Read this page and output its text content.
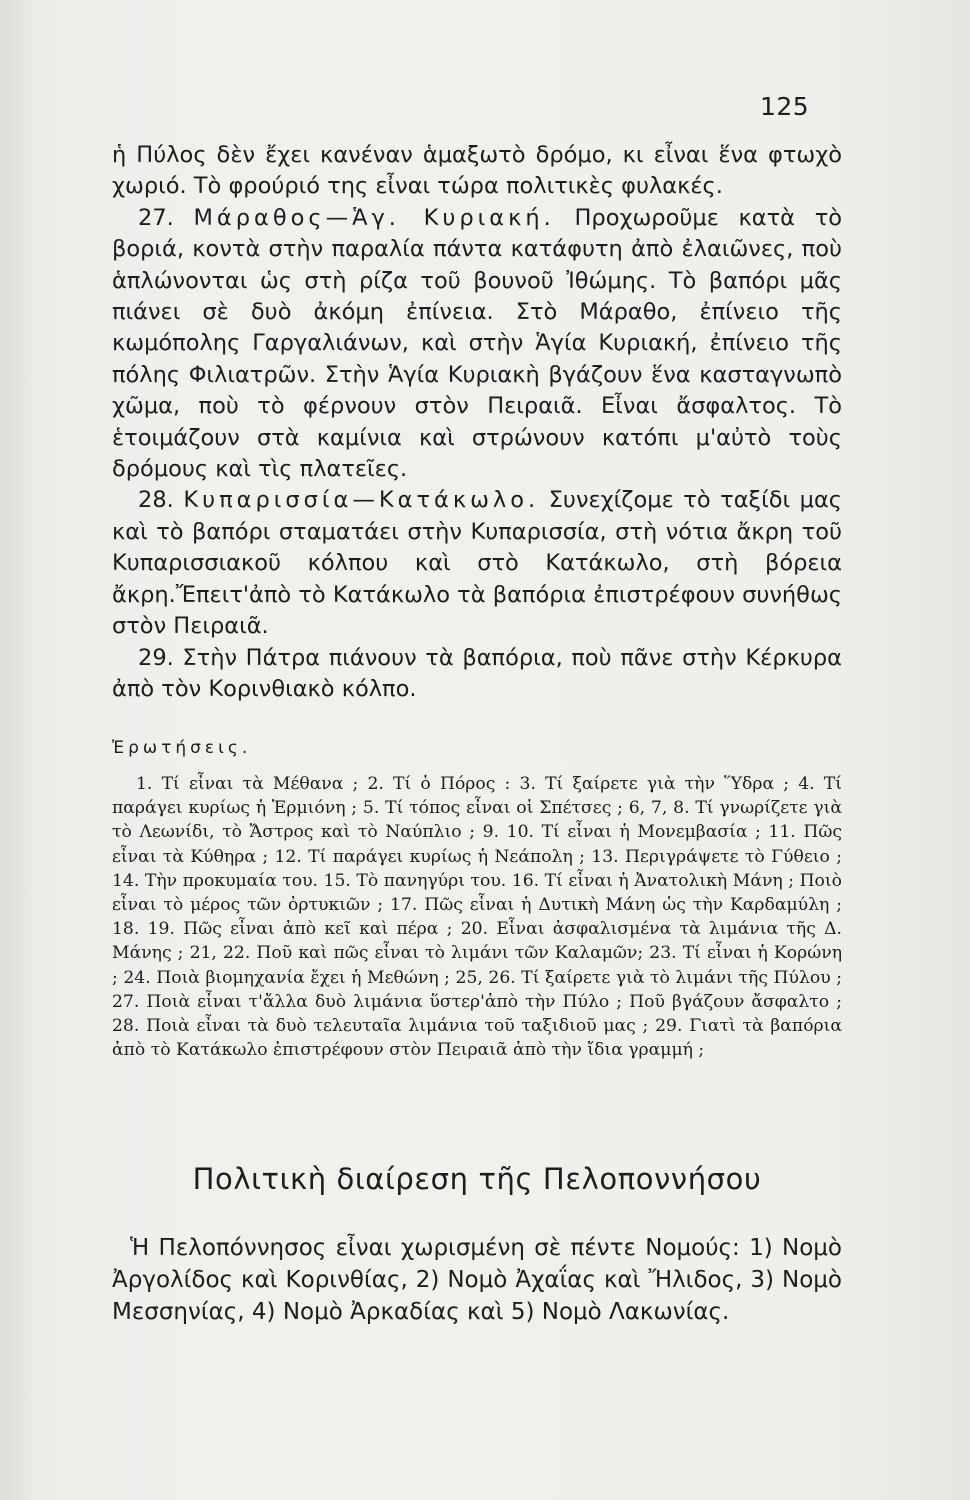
125

ἡ Πύλος δὲν ἔχει κανέναν ἁμαξωτὸ δρόμο, κι εἶναι ἕνα φτωχὸ χωριό. Τὸ φρούριό της εἶναι τώρα πολιτικὲς φυλακές.

27. Μάραθος—Ἁγ. Κυριακή. Προχωροῦμε κατὰ τὸ βοριά, κοντὰ στὴν παραλία πάντα κατάφυτη ἀπὸ ἐλαιῶνες, ποὺ ἁπλώνονται ὡς στὴ ρίζα τοῦ βουνοῦ Ἰθώμης. Τὸ βαπόρι μᾶς πιάνει σὲ δυὸ ἀκόμη ἐπίνεια. Στὸ Μάραθο, ἐπίνειο τῆς κωμόπολης Γαργαλιάνων, καὶ στὴν Ἁγία Κυριακή, ἐπίνειο τῆς πόλης Φιλιατρῶν. Στὴν Ἁγία Κυριακὴ βγάζουν ἕνα κασταγνωπὸ χῶμα, ποὺ τὸ φέρνουν στὸν Πειραιᾶ. Εἶναι ἄσφαλτος. Τὸ ἑτοιμάζουν στὰ καμίνια καὶ στρώνουν κατόπι μ'αὐτὸ τοὺς δρόμους καὶ τὶς πλατεῖες.

28. Κυπαρισσία—Κατάκωλο. Συνεχίζομε τὸ ταξίδι μας καὶ τὸ βαπόρι σταματάει στὴν Κυπαρισσία, στὴ νότια ἄκρη τοῦ Κυπαρισσιακοῦ κόλπου καὶ στὸ Κατάκωλο, στὴ βόρεια ἄκρη.Ἔπειτ'ἀπὸ τὸ Κατάκωλο τὰ βαπόρια ἐπιστρέφουν συνήθως στὸν Πειραιᾶ.

29. Στὴν Πάτρα πιάνουν τὰ βαπόρια, ποὺ πᾶνε στὴν Κέρκυρα ἀπὸ τὸν Κορινθιακὸ κόλπο.

Ἐρωτήσεις.

1. Τί εἶναι τὰ Μέθανα ; 2. Τί ὁ Πόρος : 3. Τί ξαίρετε γιὰ τὴν Ὕδρα ; 4. Τί παράγει κυρίως ἡ Ἑρμιόνη ; 5. Τί τόπος εἶναι οἱ Σπέτσες ; 6, 7, 8. Τί γνωρίζετε γιὰ τὸ Λεωνίδι, τὸ Ἄστρος καὶ τὸ Ναύπλιο ; 9. 10. Τί εἶναι ἡ Μονεμβασία ; 11. Πῶς εἶναι τὰ Κύθηρα ; 12. Τί παράγει κυρίως ἡ Νεάπολη ; 13. Περιγράψετε τὸ Γύθειο ; 14. Τὴν προκυμαία του. 15. Τὸ πανηγύρι του. 16. Τί εἶναι ἡ Ἀνατολικὴ Μάνη ; Ποιὸ εἶναι τὸ μέρος τῶν ὀρτυκιῶν ; 17. Πῶς εἶναι ἡ Δυτικὴ Μάνη ὡς τὴν Καρδαμύλη ; 18. 19. Πῶς εἶναι ἀπὸ κεῖ καὶ πέρα ; 20. Εἶναι ἀσφαλισμένα τὰ λιμάνια τῆς Δ. Μάνης ; 21, 22. Ποῦ καὶ πῶς εἶναι τὸ λιμάνι τῶν Καλαμῶν; 23. Τί εἶναι ἡ Κορώνη ; 24. Ποιὰ βιομηχανία ἔχει ἡ Μεθώνη ; 25, 26. Τί ξαίρετε γιὰ τὸ λιμάνι τῆς Πύλου ; 27. Ποιὰ εἶναι τ'ἄλλα δυὸ λιμάνια ὕστερ'ἀπὸ τὴν Πύλο ; Ποῦ βγάζουν ἄσφαλτο ; 28. Ποιὰ εἶναι τὰ δυὸ τελευταῖα λιμάνια τοῦ ταξιδιοῦ μας ; 29. Γιατὶ τὰ βαπόρια ἀπὸ τὸ Κατάκωλο ἐπιστρέφουν στὸν Πειραιᾶ ἀπὸ τὴν ἴδια γραμμή ;

Πολιτικὴ διαίρεση τῆς Πελοποννήσου

Ἡ Πελοπόννησος εἶναι χωρισμένη σὲ πέντε Νομούς: 1) Νομὸ Ἀργολίδος καὶ Κορινθίας, 2) Νομὸ Ἀχαΐας καὶ Ἤλιδος, 3) Νομὸ Μεσσηνίας, 4) Νομὸ Ἀρκαδίας καὶ 5) Νομὸ Λακωνίας.
